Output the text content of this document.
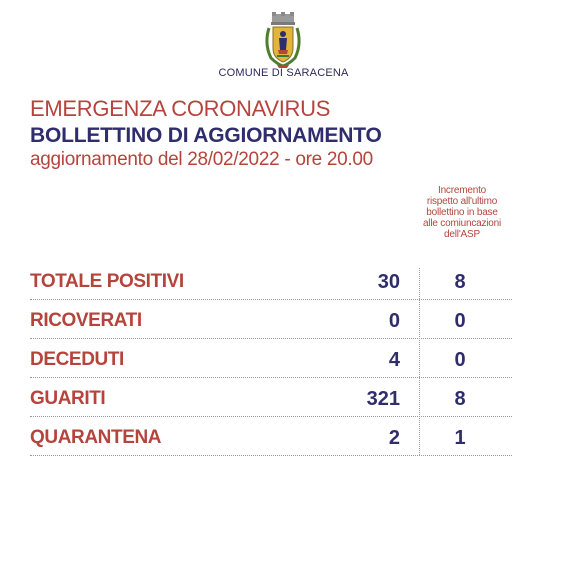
COMUNE DI SARACENA
EMERGENZA CORONAVIRUS
BOLLETTINO DI AGGIORNAMENTO
aggiornamento del 28/02/2022 - ore 20.00
Incremento
rispetto all'ultimo
bollettino in base
alle comiuncazioni
dell'ASP
TOTALE POSITIVI	30	8
RICOVERATI	0	0
DECEDUTI	4	0
GUARITI	321	8
QUARANTENA	2	1
